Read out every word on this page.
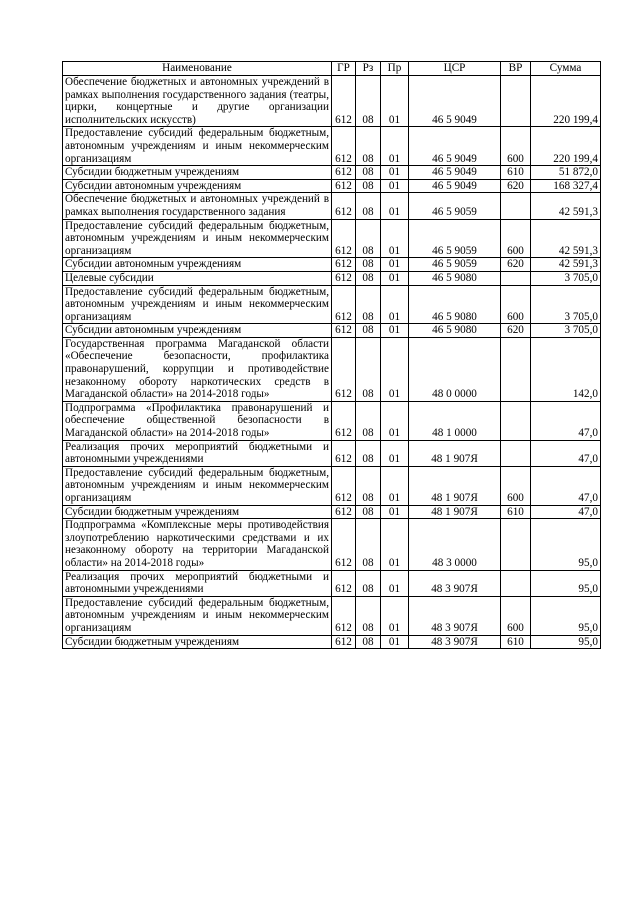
Наименование	ГР	Рз	Пр	ЦСР	ВР	Сумма
Обеспечение бюджетных и автономных учреждений в рамках выполнения государственного задания (театры, цирки, концертные и другие организации исполнительских искусств)	612	08	01	46 5 9049		220 199,4
Предоставление субсидий федеральным бюджетным, автономным учреждениям и иным некоммерческим организациям	612	08	01	46 5 9049	600	220 199,4
Субсидии бюджетным учреждениям	612	08	01	46 5 9049	610	51 872,0
Субсидии автономным учреждениям	612	08	01	46 5 9049	620	168 327,4
Обеспечение бюджетных и автономных учреждений в рамках выполнения государственного задания	612	08	01	46 5 9059		42 591,3
Предоставление субсидий федеральным бюджетным, автономным учреждениям и иным некоммерческим организациям	612	08	01	46 5 9059	600	42 591,3
Субсидии автономным учреждениям	612	08	01	46 5 9059	620	42 591,3
Целевые субсидии	612	08	01	46 5 9080		3 705,0
Предоставление субсидий федеральным бюджетным, автономным учреждениям и иным некоммерческим организациям	612	08	01	46 5 9080	600	3 705,0
Субсидии автономным учреждениям	612	08	01	46 5 9080	620	3 705,0
Государственная программа Магаданской области «Обеспечение безопасности, профилактика правонарушений, коррупции и противодействие незаконному обороту наркотических средств в Магаданской области» на 2014-2018 годы»	612	08	01	48 0 0000		142,0
Подпрограмма «Профилактика правонарушений и обеспечение общественной безопасности в Магаданской области» на 2014-2018 годы»	612	08	01	48 1 0000		47,0
Реализация прочих мероприятий бюджетными и автономными учреждениями	612	08	01	48 1 907Я		47,0
Предоставление субсидий федеральным бюджетным, автономным учреждениям и иным некоммерческим организациям	612	08	01	48 1 907Я	600	47,0
Субсидии бюджетным учреждениям	612	08	01	48 1 907Я	610	47,0
Подпрограмма «Комплексные меры противодействия злоупотреблению наркотическими средствами и их незаконному обороту на территории Магаданской области» на 2014-2018 годы»	612	08	01	48 3 0000		95,0
Реализация прочих мероприятий бюджетными и автономными учреждениями	612	08	01	48 3 907Я		95,0
Предоставление субсидий федеральным бюджетным, автономным учреждениям и иным некоммерческим организациям	612	08	01	48 3 907Я	600	95,0
Субсидии бюджетным учреждениям	612	08	01	48 3 907Я	610	95,0
